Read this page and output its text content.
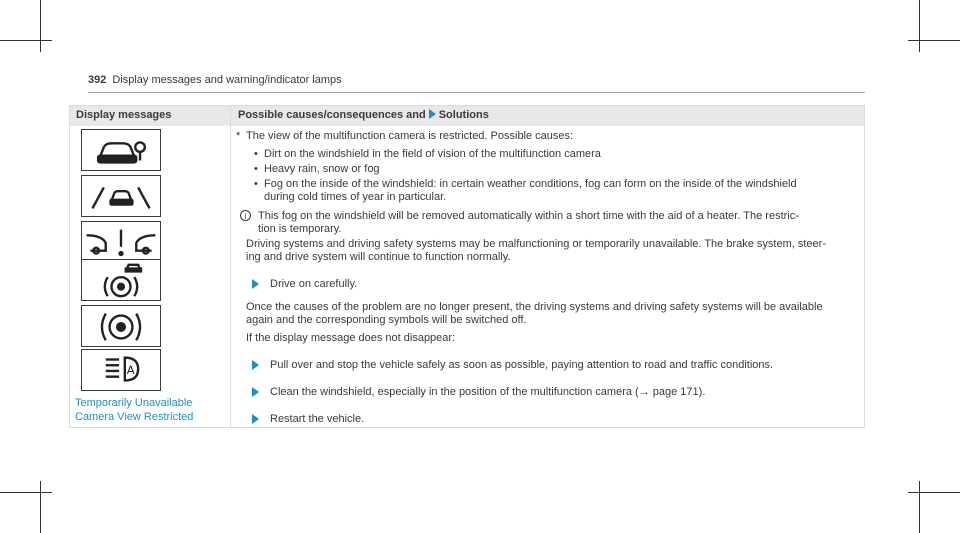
392 Display messages and warning/indicator lamps
Display messages	Possible causes/consequences and Solutions
A
Temporarily Unavailable
Camera View Restricted
* The view of the multifunction camera is restricted. Possible causes:
• Dirt on the windshield in the field of vision of the multifunction camera
• Heavy rain, snow or fog
• Fog on the inside of the windshield: in certain weather conditions, fog can form on the inside of the windshield
during cold times of year in particular.
i	This fog on the windshield will be removed automatically within a short time with the aid of a heater. The restric-
tion is temporary.
Driving systems and driving safety systems may be malfunctioning or temporarily unavailable. The brake system, steer-
ing and drive system will continue to function normally.
Drive on carefully.
Once the causes of the problem are no longer present, the driving systems and driving safety systems will be available
again and the corresponding symbols will be switched off.
If the display message does not disappear:
Pull over and stop the vehicle safely as soon as possible, paying attention to road and traffic conditions.
Clean the windshield, especially in the position of the multifunction camera (→ page 171).
Restart the vehicle.
